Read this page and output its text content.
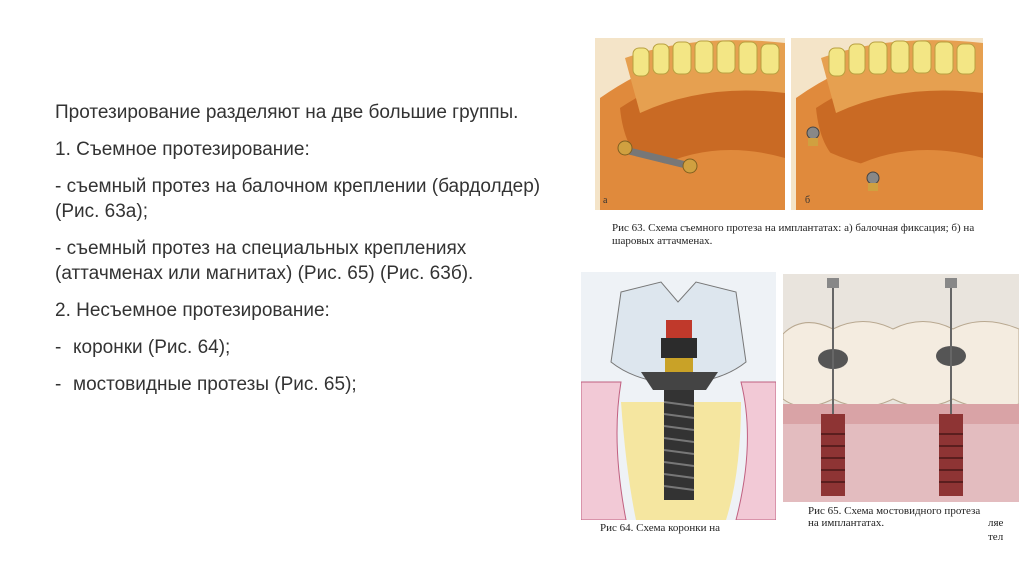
Протезирование разделяют на две большие группы.

1. Съемное протезирование:

- съемный протез на балочном креплении (бардолдер) (Рис. 63а);

- съемный протез на специальных креплениях (аттачменах или магнитах) (Рис. 65) (Рис. 63б).

2. Несъемное протезирование:

- коронки (Рис. 64);
- мостовидные протезы (Рис. 65);
а	б
Рис 63. Схема съемного протеза на имплантатах: а) балочная фиксация; б) на шаровых аттачменах.
Рис 64. Схема коронки на
Рис 65. Схема мостовидного протеза на имплантатах.	ляе
тел
